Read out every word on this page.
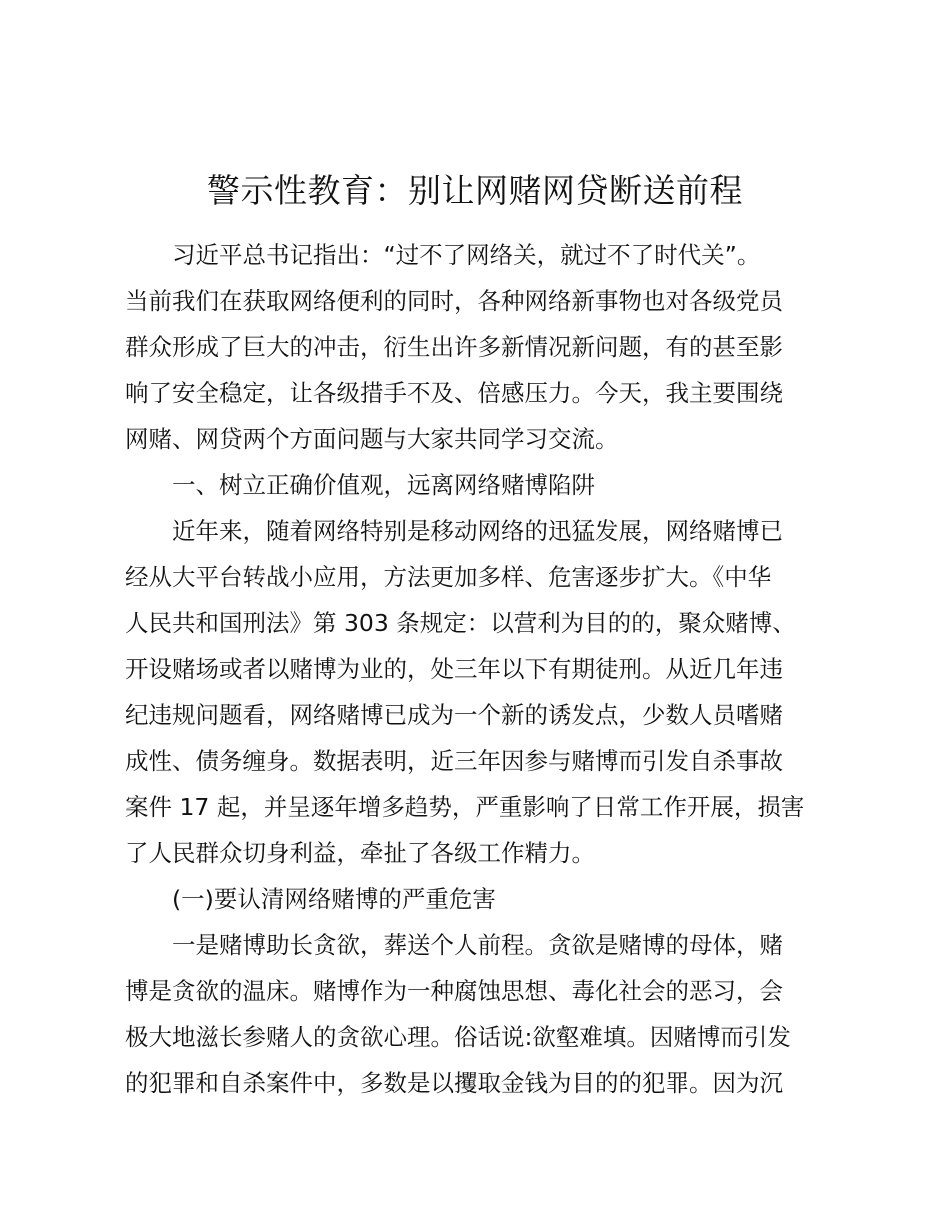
警示性教育：别让网赌网贷断送前程
习近平总书记指出：“过不了网络关，就过不了时代关”。
当前我们在获取网络便利的同时，各种网络新事物也对各级党员
群众形成了巨大的冲击，衍生出许多新情况新问题，有的甚至影
响了安全稳定，让各级措手不及、倍感压力。今天，我主要围绕
网赌、网贷两个方面问题与大家共同学习交流。
一、树立正确价值观，远离网络赌博陷阱
近年来，随着网络特别是移动网络的迅猛发展，网络赌博已
经从大平台转战小应用，方法更加多样、危害逐步扩大。《中华
人民共和国刑法》第 303 条规定：以营利为目的的，聚众赌博、
开设赌场或者以赌博为业的，处三年以下有期徒刑。从近几年违
纪违规问题看，网络赌博已成为一个新的诱发点，少数人员嗜赌
成性、债务缠身。数据表明，近三年因参与赌博而引发自杀事故
案件 17 起，并呈逐年增多趋势，严重影响了日常工作开展，损害
了人民群众切身利益，牵扯了各级工作精力。
(一)要认清网络赌博的严重危害
一是赌博助长贪欲，葬送个人前程。贪欲是赌博的母体，赌
博是贪欲的温床。赌博作为一种腐蚀思想、毒化社会的恶习，会
极大地滋长参赌人的贪欲心理。俗话说:欲壑难填。因赌博而引发
的犯罪和自杀案件中，多数是以攫取金钱为目的的犯罪。因为沉
